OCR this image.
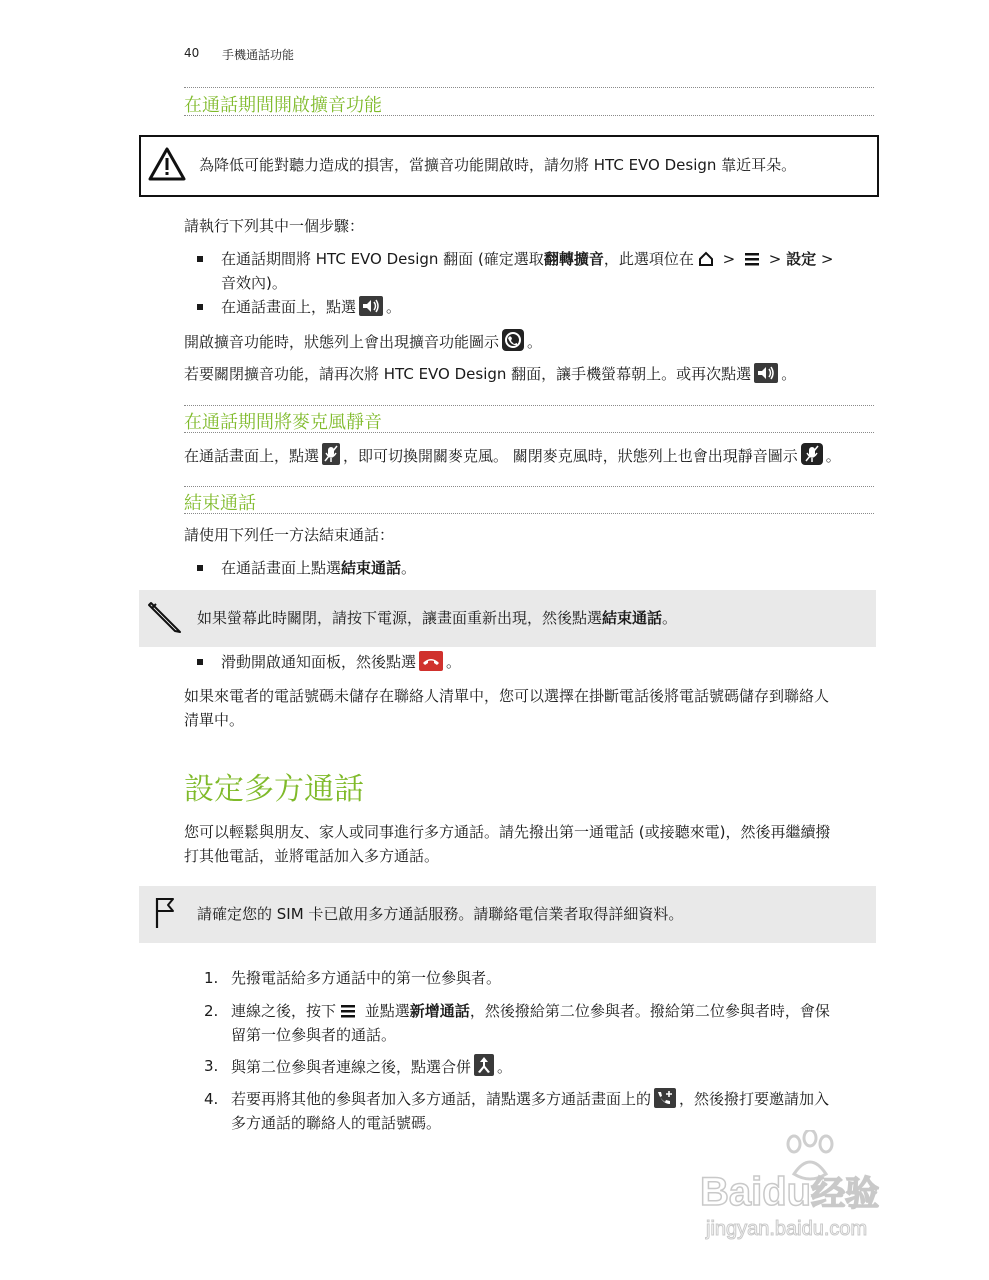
40 手機通話功能
在通話期間開啟擴音功能
為降低可能對聽力造成的損害，當擴音功能開啟時，請勿將 HTC EVO Design 靠近耳朵。
請執行下列其中一個步驟：
在通話期間將 HTC EVO Design 翻面 (確定選取翻轉擴音，此選項位在 >  > 設定 >
音效內)。
在通話畫面上，點選 。
開啟擴音功能時，狀態列上會出現擴音功能圖示 。
若要關閉擴音功能，請再次將 HTC EVO Design 翻面，讓手機螢幕朝上。或再次點選 。
在通話期間將麥克風靜音
在通話畫面上，點選 ，即可切換開關麥克風。 關閉麥克風時，狀態列上也會出現靜音圖示 。
結束通話
請使用下列任一方法結束通話：
在通話畫面上點選結束通話。
如果螢幕此時關閉，請按下電源，讓畫面重新出現，然後點選結束通話。
滑動開啟通知面板，然後點選 。
如果來電者的電話號碼未儲存在聯絡人清單中，您可以選擇在掛斷電話後將電話號碼儲存到聯絡人
清單中。
設定多方通話
您可以輕鬆與朋友、家人或同事進行多方通話。請先撥出第一通電話 (或接聽來電)，然後再繼續撥
打其他電話，並將電話加入多方通話。
請確定您的 SIM 卡已啟用多方通話服務。請聯絡電信業者取得詳細資料。
1. 先撥電話給多方通話中的第一位參與者。
2. 連線之後，按下 並點選新增通話，然後撥給第二位參與者。撥給第二位參與者時，會保
留第一位參與者的通話。
3. 與第二位參與者連線之後，點選合併 。
4. 若要再將其他的參與者加入多方通話，請點選多方通話畫面上的 ，然後撥打要邀請加入
多方通話的聯絡人的電話號碼。
Baidu经验
jingyan.baidu.com
